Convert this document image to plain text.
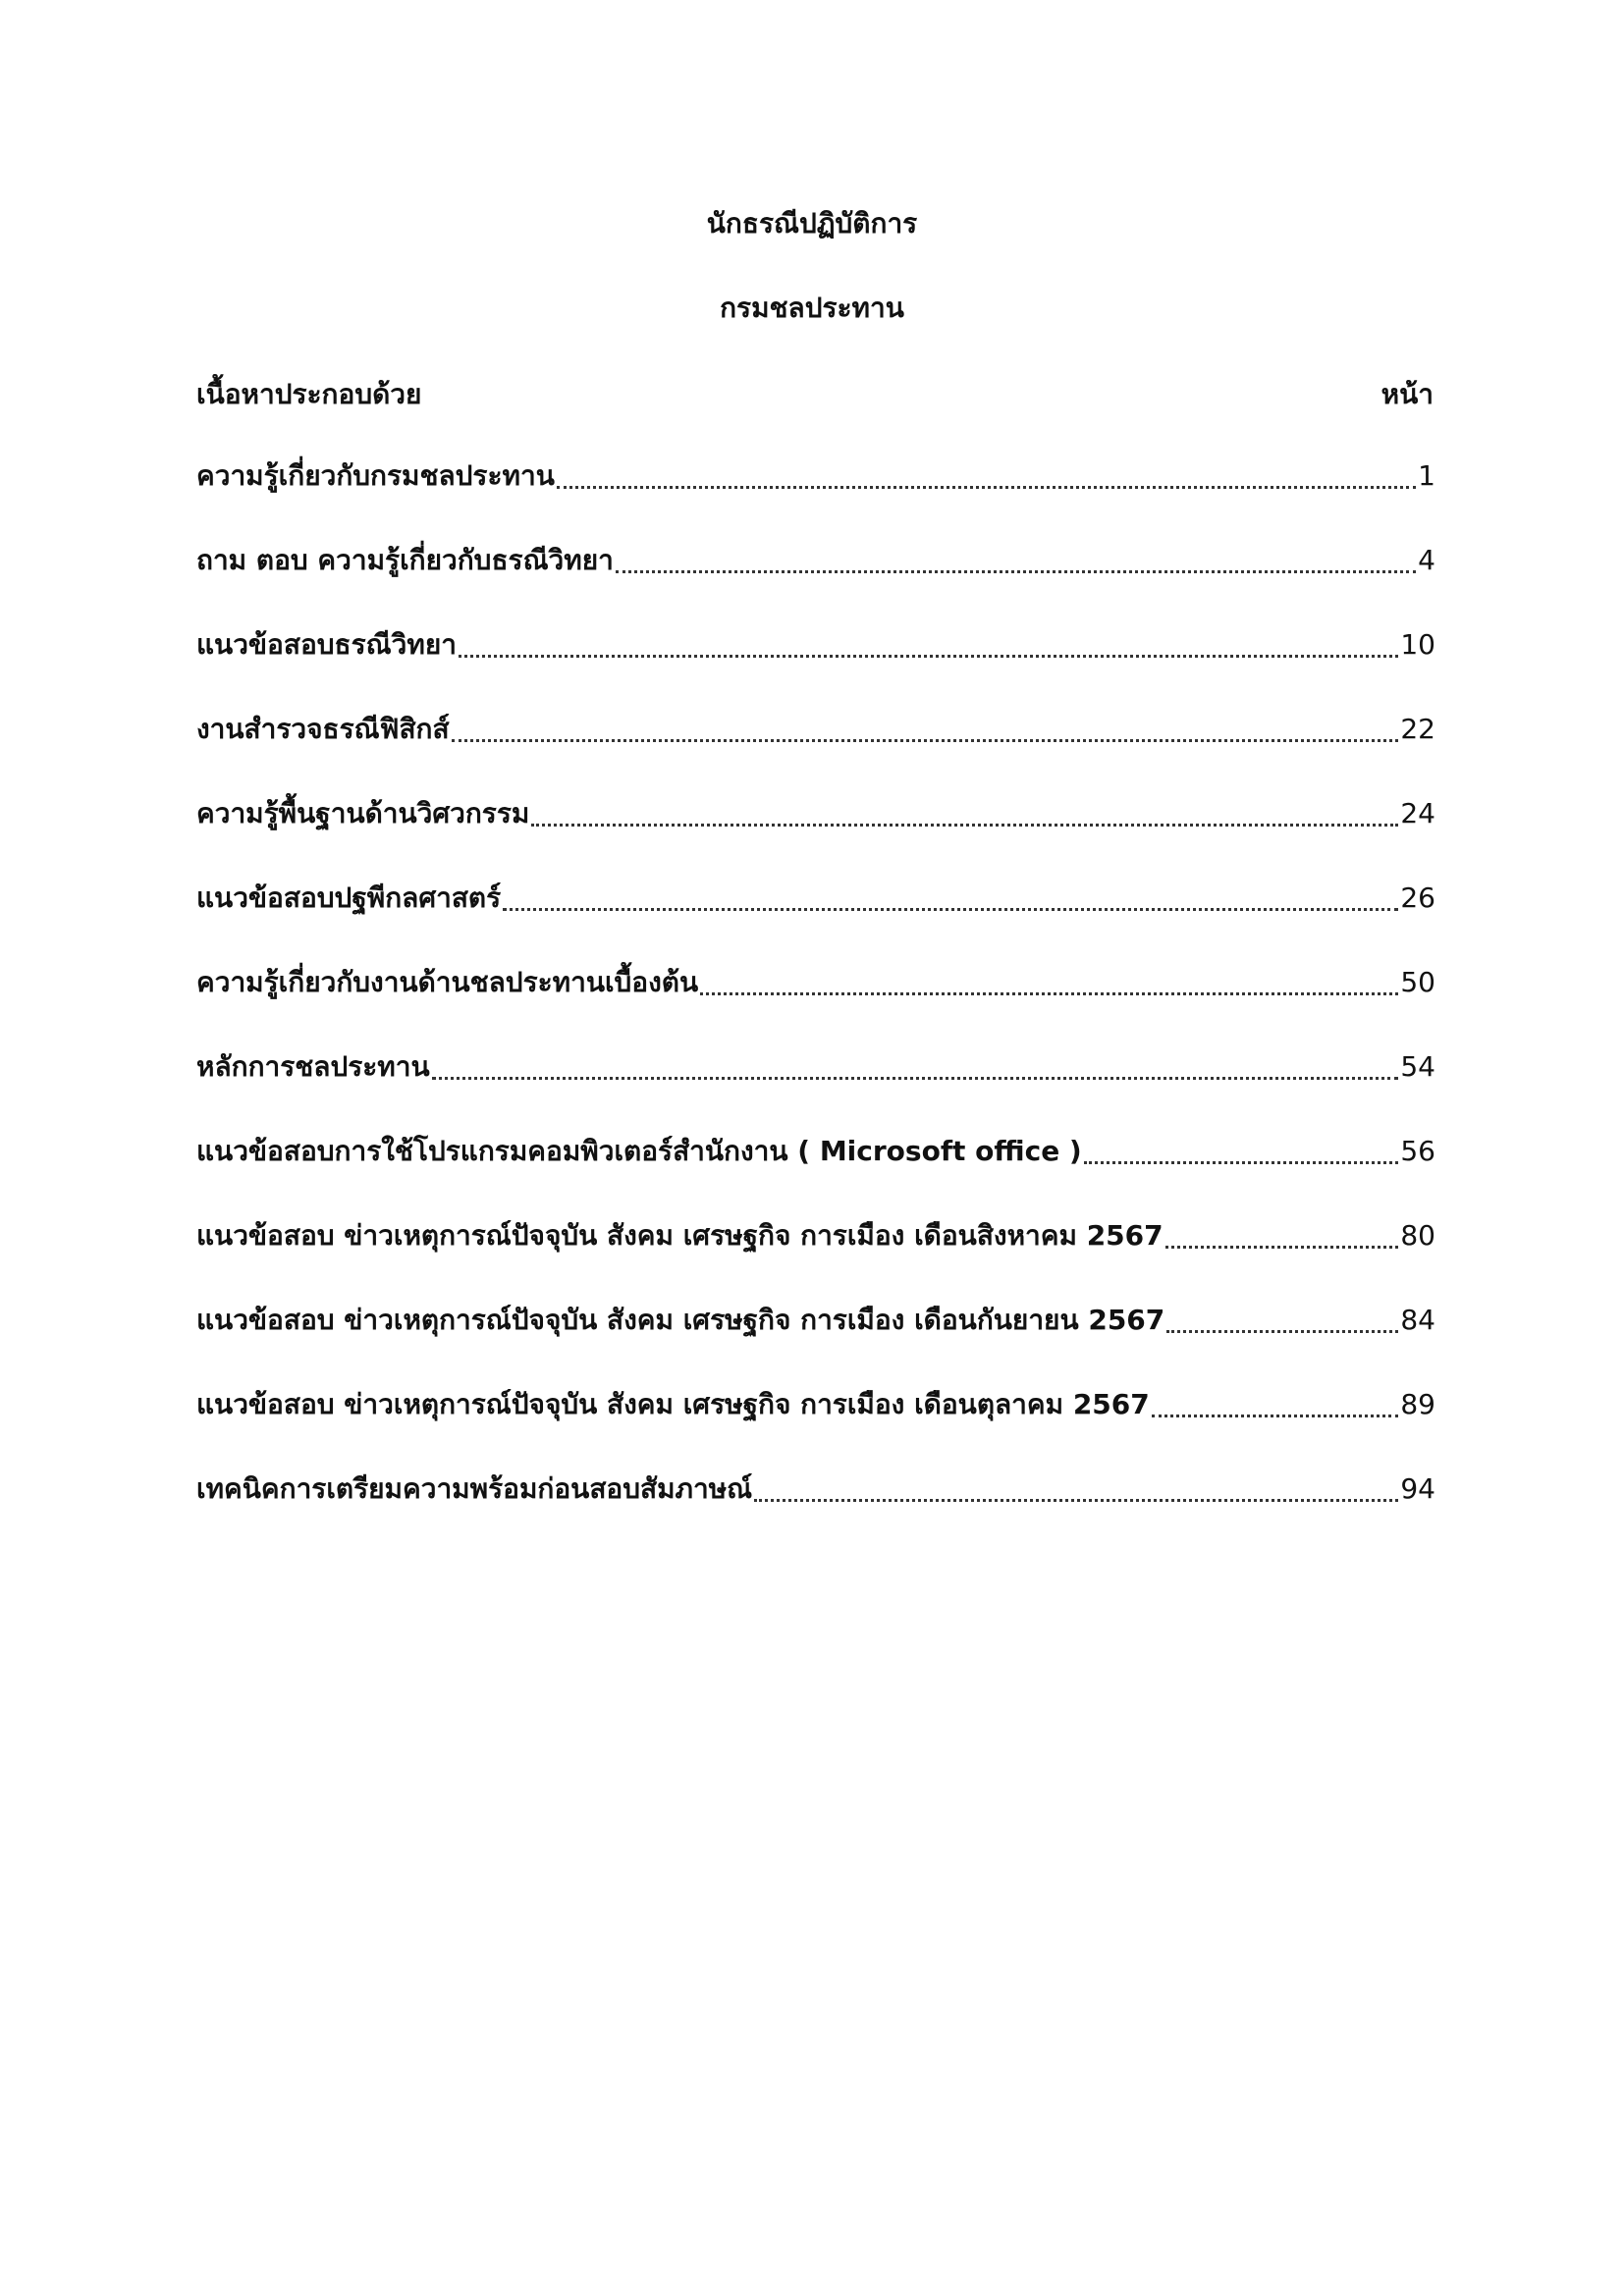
นักธรณีปฏิบัติการ
กรมชลประทาน
เนื้อหาประกอบด้วย	หน้า
ความรู้เกี่ยวกับกรมชลประทาน	1
ถาม ตอบ ความรู้เกี่ยวกับธรณีวิทยา	4
แนวข้อสอบธรณีวิทยา	10
งานสำรวจธรณีฟิสิกส์	22
ความรู้พื้นฐานด้านวิศวกรรม	24
แนวข้อสอบปฐพีกลศาสตร์	26
ความรู้เกี่ยวกับงานด้านชลประทานเบื้องต้น	50
หลักการชลประทาน	54
แนวข้อสอบการใช้โปรแกรมคอมพิวเตอร์สำนักงาน ( Microsoft office )	56
แนวข้อสอบ ข่าวเหตุการณ์ปัจจุบัน สังคม เศรษฐกิจ การเมือง เดือนสิงหาคม 2567	80
แนวข้อสอบ ข่าวเหตุการณ์ปัจจุบัน สังคม เศรษฐกิจ การเมือง เดือนกันยายน 2567	84
แนวข้อสอบ ข่าวเหตุการณ์ปัจจุบัน สังคม เศรษฐกิจ การเมือง เดือนตุลาคม 2567	89
เทคนิคการเตรียมความพร้อมก่อนสอบสัมภาษณ์	94
